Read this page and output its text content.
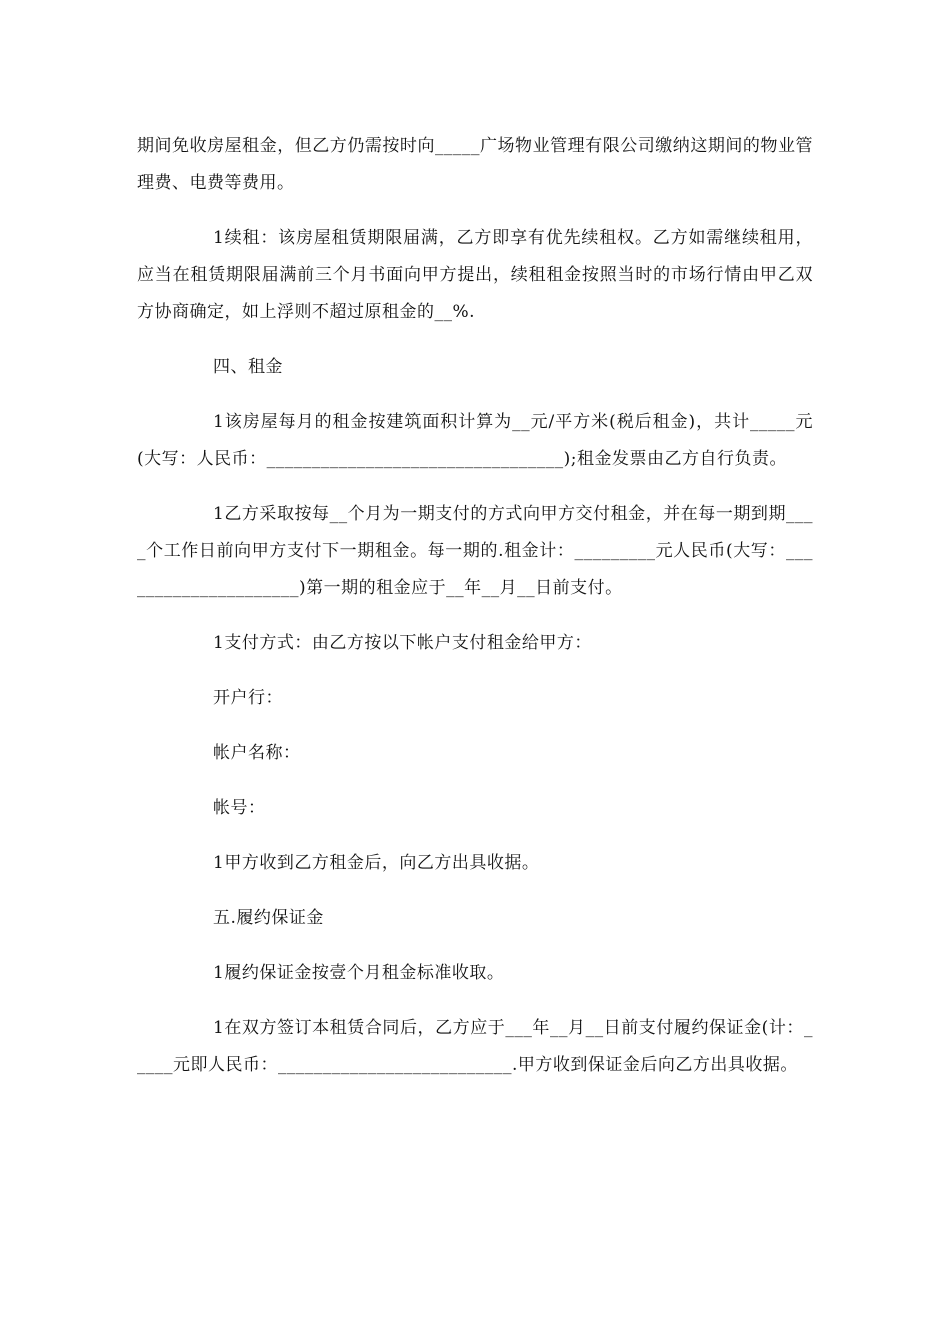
期间免收房屋租金，但乙方仍需按时向_____广场物业管理有限公司缴纳这期间的物业管理费、电费等费用。

1续租：该房屋租赁期限届满，乙方即享有优先续租权。乙方如需继续租用，应当在租赁期限届满前三个月书面向甲方提出，续租租金按照当时的市场行情由甲乙双方协商确定，如上浮则不超过原租金的__%.

四、租金

1该房屋每月的租金按建筑面积计算为__元/平方米(税后租金)，共计_____元(大写：人民币：_________________________________);租金发票由乙方自行负责。

1乙方采取按每__个月为一期支付的方式向甲方交付租金，并在每一期到期____个工作日前向甲方支付下一期租金。每一期的.租金计：_________元人民币(大写：_____________________)第一期的租金应于__年__月__日前支付。

1支付方式：由乙方按以下帐户支付租金给甲方：

开户行：

帐户名称：

帐号：

1甲方收到乙方租金后，向乙方出具收据。

五.履约保证金

1履约保证金按壹个月租金标准收取。

1在双方签订本租赁合同后，乙方应于___年__月__日前支付履约保证金(计：_____元即人民币：__________________________.甲方收到保证金后向乙方出具收据。
